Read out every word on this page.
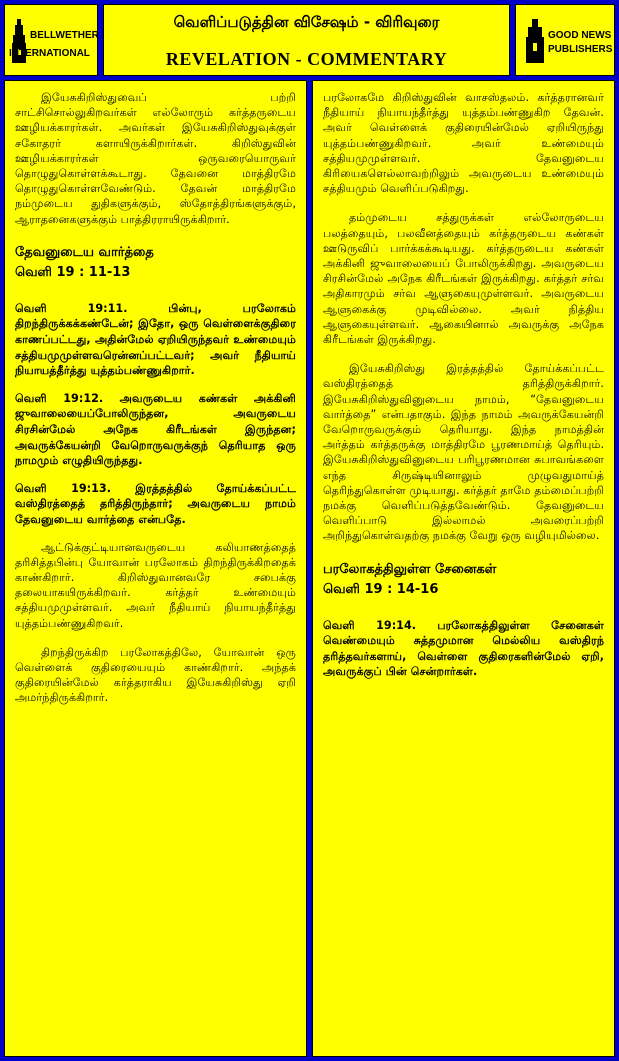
BELLWETHER
INTERNATIONAL
வெளிப்படுத்தின விசேஷம் - விரிவுரை
REVELATION - COMMENTARY
GOOD NEWS
PUBLISHERS

இயேசுகிறிஸ்துவைப் பற்றி சாட்சிசொல்லுகிறவர்கள் எல்லோரும் கர்த்தருடைய ஊழியக்காரர்கள். அவர்கள் இயேசுகிறிஸ்துவுக்குள் சகோதரர் களாயிருக்கிறார்கள். கிறிஸ்துவின் ஊழியக்காரர்கள் ஒருவரையொருவர் தொழுதுகொள்ளக்கூடாது. தேவனை மாத்திரமே தொழுதுகொள்ளவேண்டும். தேவன் மாத்திரமே நம்முடைய துதிகளுக்கும், ஸ்தோத்திரங்களுக்கும், ஆராதனைகளுக்கும் பாத்திரராயிருக்கிறார்.

தேவனுடைய வார்த்தை
வெளி 19 : 11-13

வெளி 19:11. பின்பு, பரலோகம் திறந்திருக்கக்கண்டேன்; இதோ, ஒரு வெள்ளைக்குதிரை காணப்பட்டது, அதின்மேல் ஏறியிருந்தவர் உண்மையும் சத்தியமுமுள்ளவரென்னப்பட்டவர்; அவர் நீதியாய் நியாயத்தீர்த்து யுத்தம்பண்ணுகிறார்.

வெளி 19:12. அவருடைய கண்கள் அக்கினி ஜுவாலையைப்போலிருந்தன, அவருடைய சிரசின்மேல் அநேக கிரீடங்கள் இருந்தன; அவருக்கேயன்றி வேறொருவருக்குந் தெரியாத ஒரு நாமமும் எழுதியிருந்தது.

வெளி 19:13. இரத்தத்தில் தோய்க்கப்பட்ட வஸ்திரத்தைத் தரித்திருந்தார்; அவருடைய நாமம் தேவனுடைய வார்த்தை என்பதே.

ஆட்டுக்குட்டியானவருடைய கலியாணத்தைத் தரிசித்தபின்பு யோவான் பரலோகம் திறந்திருக்கிறதைக் காண்கிறார். கிறிஸ்துவானவரே சபைக்கு தலையாகயிருக்கிறவர். கர்த்தர் உண்மையும் சத்தியமுமுள்ளவர். அவர் நீதியாய் நியாயந்தீர்த்து யுத்தம்பண்ணுகிறவர்.

திறந்திருக்கிற பரலோகத்திலே, யோவான் ஒரு வெள்ளைக் குதிரையையும் காண்கிறார். அந்தக் குதிரையின்மேல் கர்த்தராகிய இயேசுகிறிஸ்து ஏறி அமர்ந்திருக்கிறார்.

பரலோகமே கிறிஸ்துவின் வாசஸ்தலம். கர்த்தரானவர் நீதியாய் நியாயந்தீர்த்து யுத்தம்பண்ணுகிற தேவன். அவர் வெள்ளைக் குதிரையின்மேல் ஏறியிருந்து யுத்தம்பண்ணுகிறவர். அவர் உண்மையும் சத்தியமுமுள்ளவர். தேவனுடைய கிரியைகளெல்லாவற்றிலும் அவருடைய உண்மையும் சத்தியமும் வெளிப்படுகிறது.

தம்முடைய சத்துருக்கள் எல்லோருடைய பலத்தையும், பலவீனத்தையும் கர்த்தருடைய கண்கள் ஊடுருவிப் பார்க்கக்கூடியது. கர்த்தருடைய கண்கள் அக்கினி ஜுவாலையைப் போலிருக்கிறது. அவருடைய சிரசின்மேல் அநேக கிரீடங்கள் இருக்கிறது. கர்த்தர் சர்வ அதிகாரமும் சர்வ ஆளுகையுமுள்ளவர். அவருடைய ஆளுகைக்கு முடிவில்லை. அவர் நித்திய ஆளுகையுள்ளவர். ஆகையினால் அவருக்கு அநேக கிரீடங்கள் இருக்கிறது.

இயேசுகிறிஸ்து இரத்தத்தில் தோய்க்கப்பட்ட வஸ்திரத்தைத் தரித்திருக்கிறார். இயேசுகிறிஸ்துவினுடைய நாமம், “தேவனுடைய வார்த்தை” என்பதாகும். இந்த நாமம் அவருக்கேயன்றி வேறொருவருக்கும் தெரியாது. இந்த நாமத்தின் அர்த்தம் கர்த்தருக்கு மாத்திரமே பூரணமாய்த் தெரியும். இயேசுகிறிஸ்துவினுடைய பரிபூரணமான சுபாவங்களை எந்த சிருஷ்டியினாலும் முழுவதுமாய்த் தெரிந்துகொள்ள முடியாது. கர்த்தர் தாமே தம்மைப்பற்றி நமக்கு வெளிப்படுத்தவேண்டும். தேவனுடைய வெளிப்பாடு இல்லாமல் அவரைப்பற்றி அறிந்துகொள்வதற்கு நமக்கு வேறு ஒரு வழியுமில்லை.

பரலோகத்திலுள்ள சேனைகள்
வெளி 19 : 14-16

வெளி 19:14. பரலோகத்திலுள்ள சேனைகள் வெண்மையும் சுத்தமுமான மெல்லிய வஸ்திரந் தரித்தவர்களாய், வெள்ளை குதிரைகளின்மேல் ஏறி, அவருக்குப் பின் சென்றார்கள்.
